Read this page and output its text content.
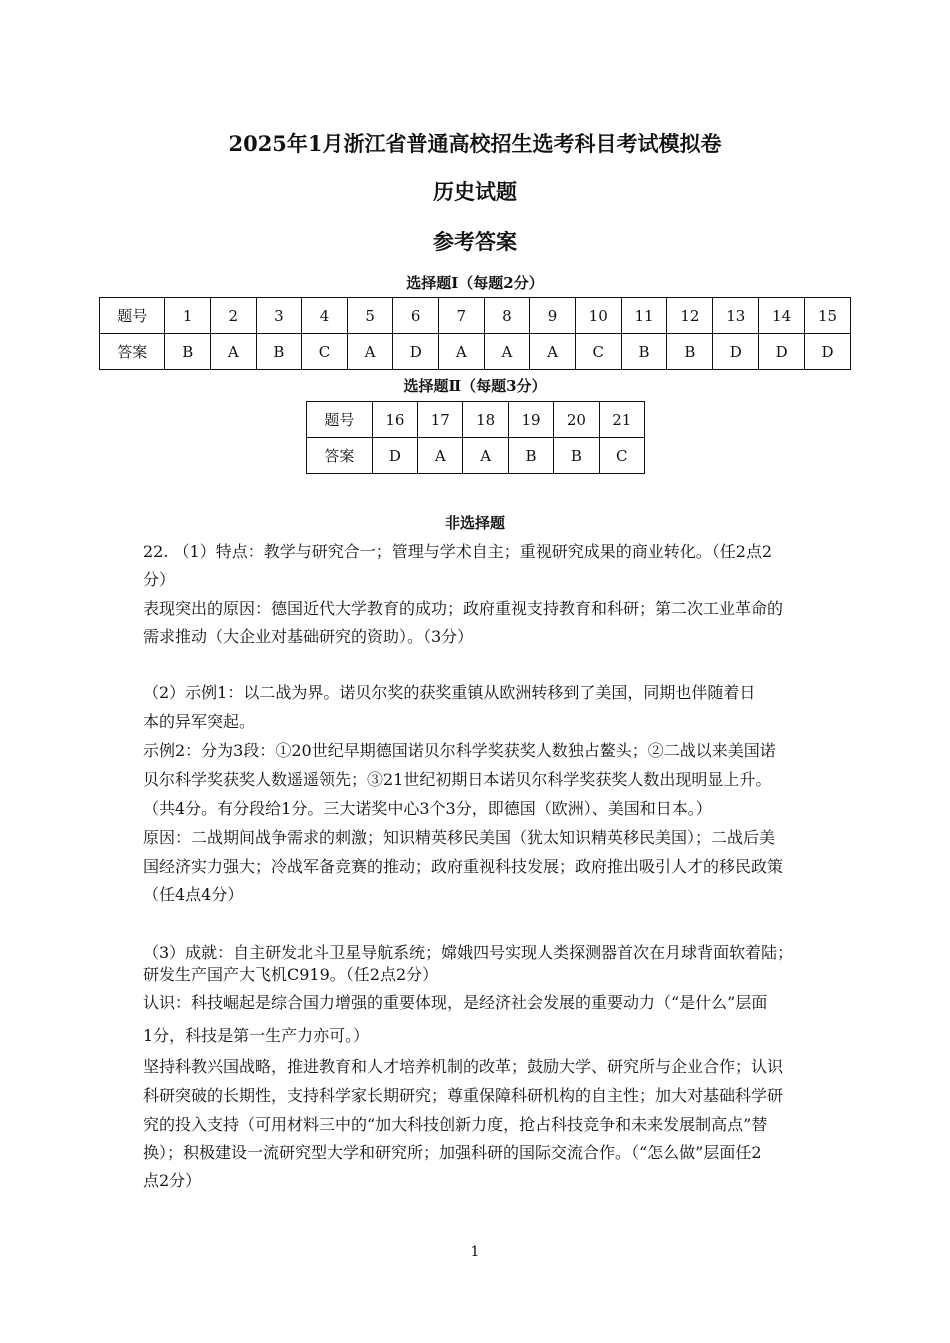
2025年1月浙江省普通高校招生选考科目考试模拟卷
历史试题
参考答案
选择题Ⅰ（每题2分）
题号	1	2	3	4	5	6	7	8	9	10	11	12	13	14	15
答案	B	A	B	C	A	D	A	A	A	C	B	B	D	D	D
选择题Ⅱ（每题3分）
题号	16	17	18	19	20	21
答案	D	A	A	B	B	C
非选择题
22. （1）特点：教学与研究合一；管理与学术自主；重视研究成果的商业转化。（任2点2
分）
表现突出的原因：德国近代大学教育的成功；政府重视支持教育和科研；第二次工业革命的
需求推动（大企业对基础研究的资助）。（3分）
（2）示例1：以二战为界。诺贝尔奖的获奖重镇从欧洲转移到了美国，同期也伴随着日
本的异军突起。
示例2：分为3段：①20世纪早期德国诺贝尔科学奖获奖人数独占鳌头；②二战以来美国诺
贝尔科学奖获奖人数遥遥领先；③21世纪初期日本诺贝尔科学奖获奖人数出现明显上升。
（共4分。有分段给1分。三大诺奖中心3个3分，即德国（欧洲）、美国和日本。）
原因：二战期间战争需求的刺激；知识精英移民美国（犹太知识精英移民美国）；二战后美
国经济实力强大；冷战军备竞赛的推动；政府重视科技发展；政府推出吸引人才的移民政策
（任4点4分）
（3）成就：自主研发北斗卫星导航系统；嫦娥四号实现人类探测器首次在月球背面软着陆；
研发生产国产大飞机C919。（任2点2分）
认识：科技崛起是综合国力增强的重要体现，是经济社会发展的重要动力（“是什么”层面
1分，科技是第一生产力亦可。）
坚持科教兴国战略，推进教育和人才培养机制的改革；鼓励大学、研究所与企业合作；认识
科研突破的长期性，支持科学家长期研究；尊重保障科研机构的自主性；加大对基础科学研
究的投入支持（可用材料三中的“加大科技创新力度，抢占科技竞争和未来发展制高点”替
换）；积极建设一流研究型大学和研究所；加强科研的国际交流合作。（“怎么做”层面任2
点2分）
1
